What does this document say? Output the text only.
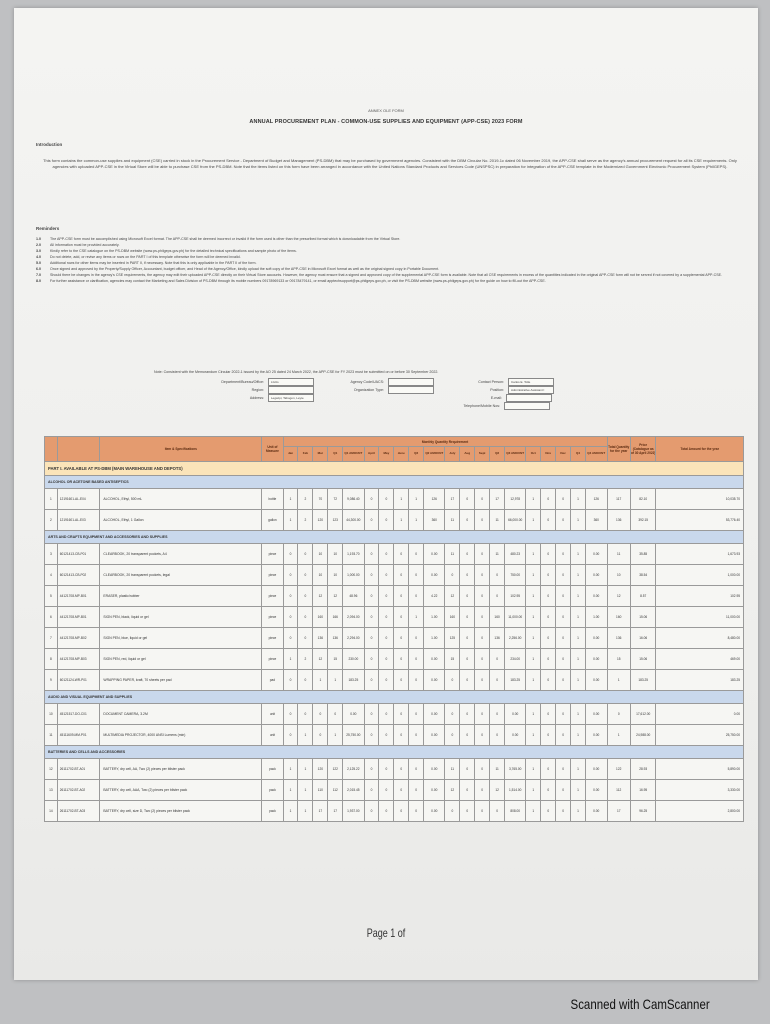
ANNEX OLE FORM
ANNUAL PROCUREMENT PLAN - COMMON-USE SUPPLIES AND EQUIPMENT (APP-CSE) 2023 FORM
Introduction
This form contains the common-use supplies and equipment (CSE) carried in stock in the Procurement Service - Department of Budget and Management (PS-DBM) that may be purchased by government agencies. Consistent with the DBM Circular No. 2019-1c dated 06 November 2019, the APP-CSE shall serve as the agency's annual procurement request for all its CSE requirements. Only agencies with uploaded APP-CSE in the Virtual Store will be able to purchase CSE from the PS-DBM. Note that the items listed on this form have been arranged in accordance with the United Nations Standard Products and Services Code (UNSPSC) in preparation for integration of the APP-CSE template in the Modernized Government Electronic Procurement System (PhilGEPS).
Reminders
1.0	The APP-CSE form must be accomplished using Microsoft Excel format. The APP-CSE shall be deemed incorrect or invalid if the form used is other than the prescribed format which is downloadable from the Virtual Store.
2.0	All information must be provided accurately.
3.0	Kindly refer to the CSE catalogue on the PS-DBM website (www.ps-philgeps.gov.ph) for the detailed technical specifications and sample photo of the items.
4.0	Do not delete, add, or revise any items or rows on the PART I of this template otherwise the form will be deemed invalid.
5.0	Additional rows for other items may be inserted in PART II, if necessary. Note that this is only applicable in the PART II of the form.
6.0	Once signed and approved by the Property/Supply Officer, Accountant, budget officer, and Head of the Agency/Office, kindly upload the soft copy of the APP-CSE in Microsoft Excel format as well as the original signed copy in Portable Document.
7.0	Should there be changes in the agency's CSE requirements, the agency may edit their uploaded APP-CSE directly on their Virtual Store accounts. However, the agency must ensure that a signed and approved copy of the supplemental APP-CSE form is available. Note that all CSE requirements in excess of the quantities indicated in the original APP-CSE form will not be served if not covered by a supplemental APP-CSE.
8.0	For further assistance or clarification, agencies may contact the Marketing and Sales Division of PS-DBM through its mobile numbers 09178969133 or 09178479141, or email apptechsupport@ps-philgeps.gov.ph, or visit the PS-DBM website (www.ps-philgeps.gov.ph) for the guide on how to fill-out the APP-CSE.
Note: Consistent with the Memorandum Circular 2022-1 issued by the AO 25 dated 24 March 2022, the APP-CSE for FY 2023 must be submitted on or before 30 September 2022.
Department/Bureau/Office:	LGUs	Agency Code/UACS:	Contact Person:	Carlos E. Tolle
Region:	Organization Type:	Position:	Administrative Assistant I
Address:	Legazpi, Tabogon, Leyte	E-mail:
Telephone/Mobile Nos:
		Item & Specifications	Unit of Measure	Monthly Quantity Requirement																				Total Quantity for the year	Price (Catalogue as of 30 April 2022)	Total Amount for the year
				Jan	Feb	Mar	Q1	Q1 AMOUNT	April	May	June	Q2	Q2 AMOUNT	July	Aug	Sept	Q3	Q3 AMOUNT	Oct	Nov	Dec	Q4	Q4 AMOUNT			
PART I. AVAILABLE AT PS-DBM (MAIN WAREHOUSE AND DEPOTS)																										
ALCOHOL OR ACETONE BASED ANTISEPTICS																										
1	12191601-AL-E04	ALCOHOL, Ethyl, 500 mL	bottle	1	2	70	72	9,086.40	0	0	1	1	126	17	0	0	17	12,978	1	0	0	1	126	117	82.10	10,035.70
2	12191601-AL-E03	ALCOHOL, Ethyl, 1 Gallon	gallon	1	2	120	123	44,300.00	0	0	1	1	360	11	0	0	11	66,000.00	1	0	0	1	360	136	392.15	53,776.40
ARTS AND CRAFTS EQUIPMENT AND ACCESSORIES AND SUPPLIES																										
3	60121413-CB-P01	CLEARBOOK, 20 transparent pockets, A4	piece	0	0	10	10	1,193.70	0	0	0	0	0.00	11	0	0	11	480.23	1	0	0	1	0.00	11	35.85	1,673.93
4	60121413-CB-P02	CLEARBOOK, 20 transparent pockets, legal	piece	0	0	10	10	1,000.00	0	0	0	0	0.00	0	0	0	0	750.00	1	0	0	1	0.00	10	38.54	1,000.00
5	44121708-MP-B01	ERASER, plastic/rubber	piece	0	0	12	12	48.96	0	0	0	0	4.22	12	0	0	0	102.95	1	0	0	1	0.00	12	8.57	102.95
6	44121708-MP-B01	SIGN PEN, black, liquid or gel	piece	0	0	160	166	2,094.00	0	0	0	1	1.00	160	0	0	160	11,000.00	1	0	0	1	1.00	160	15.06	11,000.00
7	44121708-MP-B02	SIGN PEN, blue, liquid or gel	piece	0	0	136	136	2,294.00	0	0	0	0	1.00	125	0	0	136	2,256.00	1	0	0	1	0.00	136	16.06	8,480.00
8	44121708-MP-B03	SIGN PEN, red, liquid or gel	piece	1	2	12	15	230.00	0	0	0	0	0.00	15	0	0	0	234.00	1	0	0	1	0.00	15	15.06	469.00
9	60121124-WR-P01	WRAPPING PAPER, kraft, 70 sheets per pad	pad	0	0	1	1	183.25	0	0	0	0	0.00	0	0	0	0	183.25	1	0	0	1	0.00	1	183.25	183.25
AUDIO AND VISUAL EQUIPMENT AND SUPPLIES																										
10	45121517-DO-C01	DOCUMENT CAMERA, 3.2M	unit	0	0	0	0	0.00	0	0	0	0	0.00	0	0	0	0	0.00	1	0	0	1	0.00	0	17,612.00	0.00
11	45111609-MM-P01	MULTIMEDIA PROJECTOR, 4000 ANSI Lumens (min)	unit	0	1	0	1	25,750.00	0	0	0	0	0.00	0	0	0	0	0.00	1	0	0	1	0.00	1	24,988.00	25,750.00
BATTERIES AND CELLS AND ACCESSORIES																										
12	26111702-BT-A01	BATTERY, dry cell, AA, Two (2) pieces per blister pack	pack	1	1	120	122	2,125.22	0	0	0	0	0.00	11	0	0	11	3,765.00	1	0	0	1	0.00	122	28.93	5,890.00
13	26111702-BT-A02	BATTERY, dry cell, AAA, Two (2) pieces per blister pack	pack	1	1	110	112	2,015.45	0	0	0	0	0.00	12	0	0	12	1,514.00	1	0	0	1	0.00	112	16.95	3,330.00
14	26111702-BT-A03	BATTERY, dry cell, size D, Two (2) pieces per blister pack	pack	1	1	17	17	1,937.00	0	0	0	0	0.00	0	0	0	0	808.00	1	0	0	1	0.00	17	96.25	2,800.00
Page 1 of
Scanned with CamScanner
